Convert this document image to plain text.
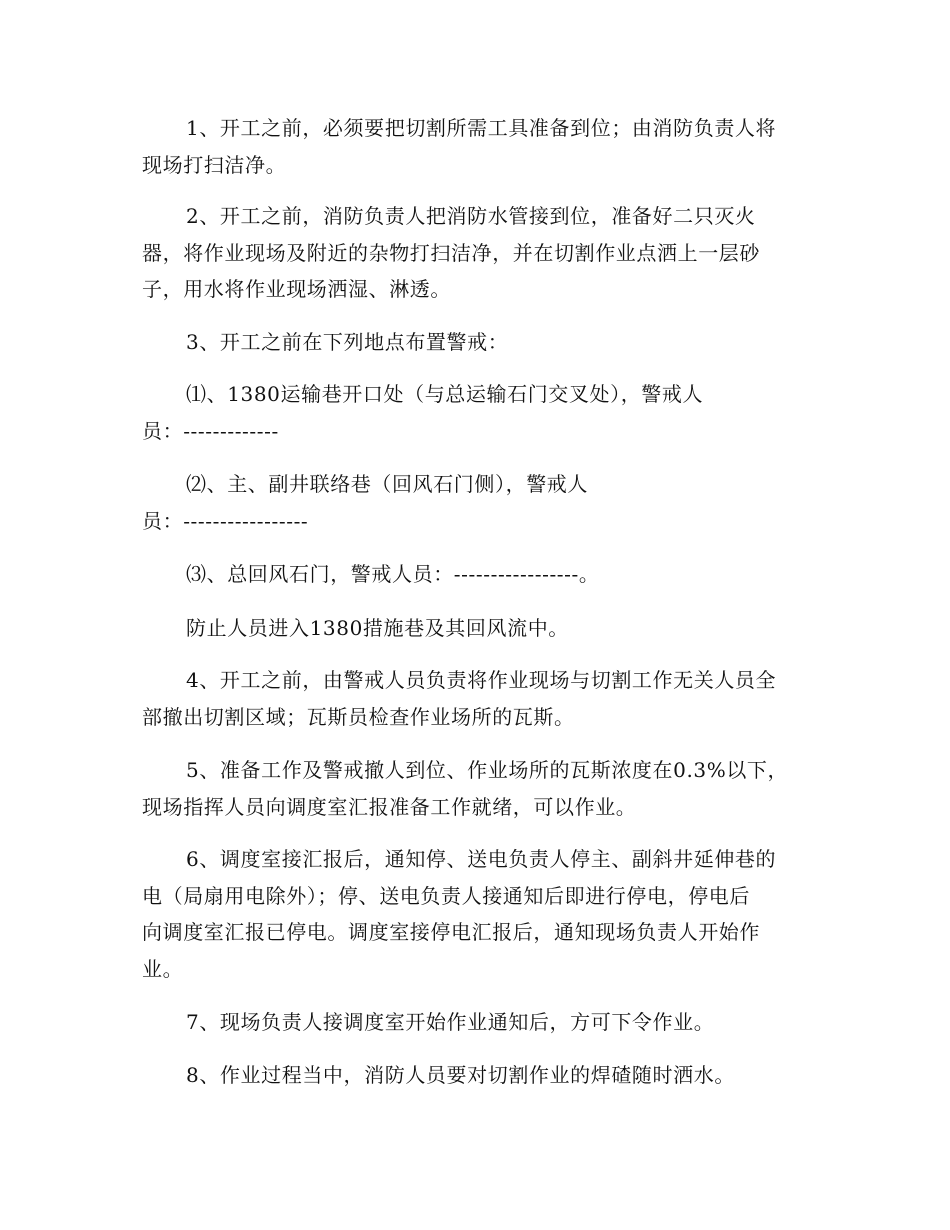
1、开工之前，必须要把切割所需工具准备到位；由消防负责人将
现场打扫洁净。
2、开工之前，消防负责人把消防水管接到位，准备好二只灭火
器，将作业现场及附近的杂物打扫洁净，并在切割作业点洒上一层砂
子，用水将作业现场洒湿、淋透。
3、开工之前在下列地点布置警戒：
⑴、1380运输巷开口处（与总运输石门交叉处），警戒人
员：-------------
⑵、主、副井联络巷（回风石门侧），警戒人
员：-----------------
⑶、总回风石门，警戒人员：-----------------。
防止人员进入1380措施巷及其回风流中。
4、开工之前，由警戒人员负责将作业现场与切割工作无关人员全
部撤出切割区域；瓦斯员检查作业场所的瓦斯。
5、准备工作及警戒撤人到位、作业场所的瓦斯浓度在0.3%以下，
现场指挥人员向调度室汇报准备工作就绪，可以作业。
6、调度室接汇报后，通知停、送电负责人停主、副斜井延伸巷的
电（局扇用电除外）；停、送电负责人接通知后即进行停电，停电后
向调度室汇报已停电。调度室接停电汇报后，通知现场负责人开始作
业。
7、现场负责人接调度室开始作业通知后，方可下令作业。
8、作业过程当中，消防人员要对切割作业的焊碴随时洒水。
